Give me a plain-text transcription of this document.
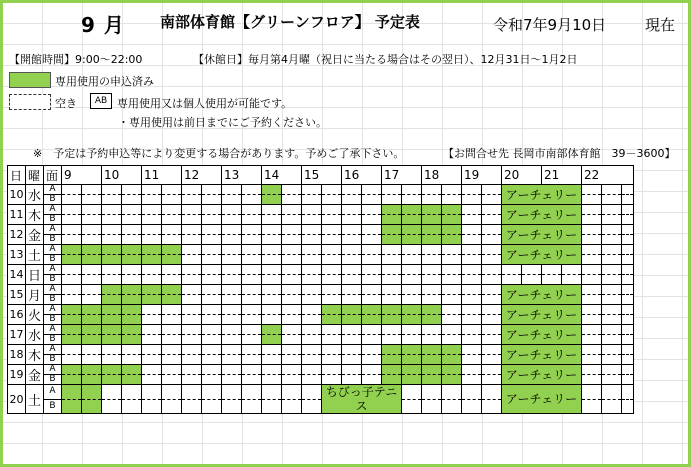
9 月 南部体育館【グリーンフロア】 予定表	令和7年9月10日	現在
【開館時間】9:00～22:00	【休館日】毎月第4月曜（祝日に当たる場合はその翌日）、12月31日～1月2日
専用使用の申込済み
空き	AB 専用使用又は個人使用が可能です。
・専用使用は前日までにご予約ください。
※　予定は予約申込等により変更する場合があります。予めご了承下さい。	【お問合せ先 長岡市南部体育館　39－3600】
日	曜	面	9		10		11		12		13		14		15		16		17		18		19		20		21		22		
10	水	A																							アーチェリー						
		B																													
11	木	A																							アーチェリー						
		B																													
12	金	A																							アーチェリー						
		B																													
13	土	A																							アーチェリー						
		B																													
14	日	A																													
		B																													
15	月	A																							アーチェリー						
		B																													
16	火	A																							アーチェリー						
		B																													
17	水	A																							アーチェリー						
		B																													
18	木	A																							アーチェリー						
		B																													
19	金	A																							アーチェリー						
		B																													
20	土	A														ちびっ子テニス									アーチェリー						
		B																													
